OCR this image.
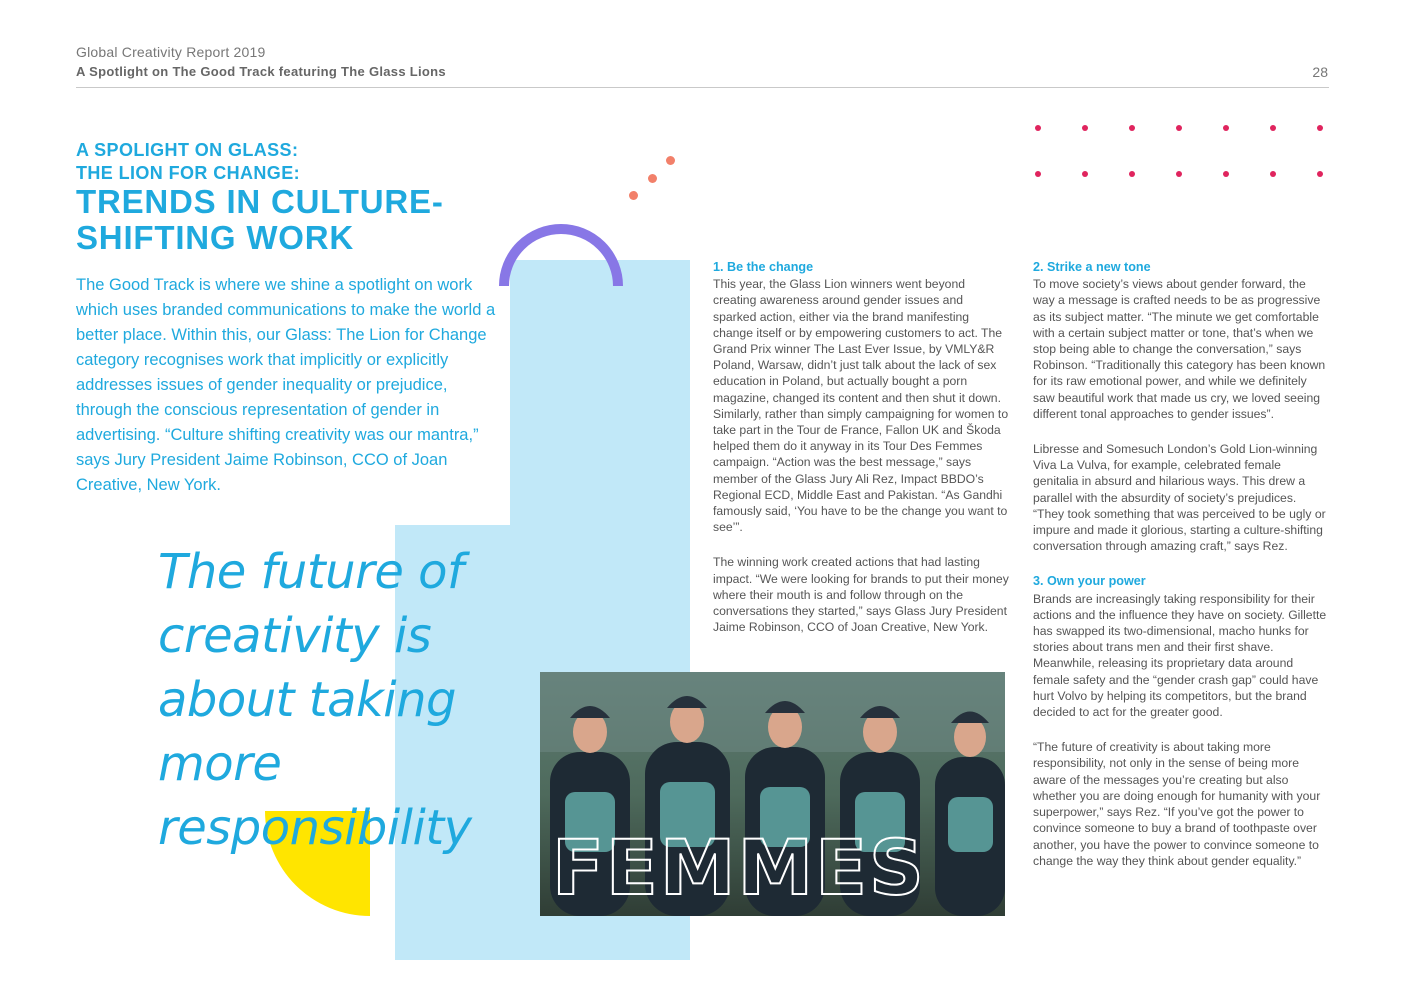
Global Creativity Report 2019
A Spotlight on The Good Track featuring The Glass Lions	28
A SPOLIGHT ON GLASS:
THE LION FOR CHANGE:
TRENDS IN CULTURE-
SHIFTING WORK
The Good Track is where we shine a spotlight on work which uses branded communications to make the world a better place. Within this, our Glass: The Lion for Change category recognises work that implicitly or explicitly addresses issues of gender inequality or prejudice, through the conscious representation of gender in advertising. “Culture shifting creativity was our mantra,” says Jury President Jaime Robinson, CCO of Joan Creative, New York.
The future of creativity is about taking more responsibility	FEMMES
1. Be the change

This year, the Glass Lion winners went beyond creating awareness around gender issues and sparked action, either via the brand manifesting change itself or by empowering customers to act. The Grand Prix winner The Last Ever Issue, by VMLY&R Poland, Warsaw, didn’t just talk about the lack of sex education in Poland, but actually bought a porn magazine, changed its content and then shut it down. Similarly, rather than simply campaigning for women to take part in the Tour de France, Fallon UK and Škoda helped them do it anyway in its Tour Des Femmes campaign. “Action was the best message,” says member of the Glass Jury Ali Rez, Impact BBDO’s Regional ECD, Middle East and Pakistan. “As Gandhi famously said, ‘You have to be the change you want to see’”.

The winning work created actions that had lasting impact. “We were looking for brands to put their money where their mouth is and follow through on the conversations they started,” says Glass Jury President Jaime Robinson, CCO of Joan Creative, New York.

2. Strike a new tone

To move society’s views about gender forward, the way a message is crafted needs to be as progressive as its subject matter. “The minute we get comfortable with a certain subject matter or tone, that’s when we stop being able to change the conversation,” says Robinson. “Traditionally this category has been known for its raw emotional power, and while we definitely saw beautiful work that made us cry, we loved seeing different tonal approaches to gender issues”.

Libresse and Somesuch London’s Gold Lion-winning Viva La Vulva, for example, celebrated female genitalia in absurd and hilarious ways. This drew a parallel with the absurdity of society’s prejudices. “They took something that was perceived to be ugly or impure and made it glorious, starting a culture-shifting conversation through amazing craft,” says Rez.

3. Own your power

Brands are increasingly taking responsibility for their actions and the influence they have on society. Gillette has swapped its two-dimensional, macho hunks for stories about trans men and their first shave. Meanwhile, releasing its proprietary data around female safety and the “gender crash gap” could have hurt Volvo by helping its competitors, but the brand decided to act for the greater good.

“The future of creativity is about taking more responsibility, not only in the sense of being more aware of the messages you’re creating but also whether you are doing enough for humanity with your superpower,” says Rez. “If you’ve got the power to convince someone to buy a brand of toothpaste over another, you have the power to convince someone to change the way they think about gender equality.”
